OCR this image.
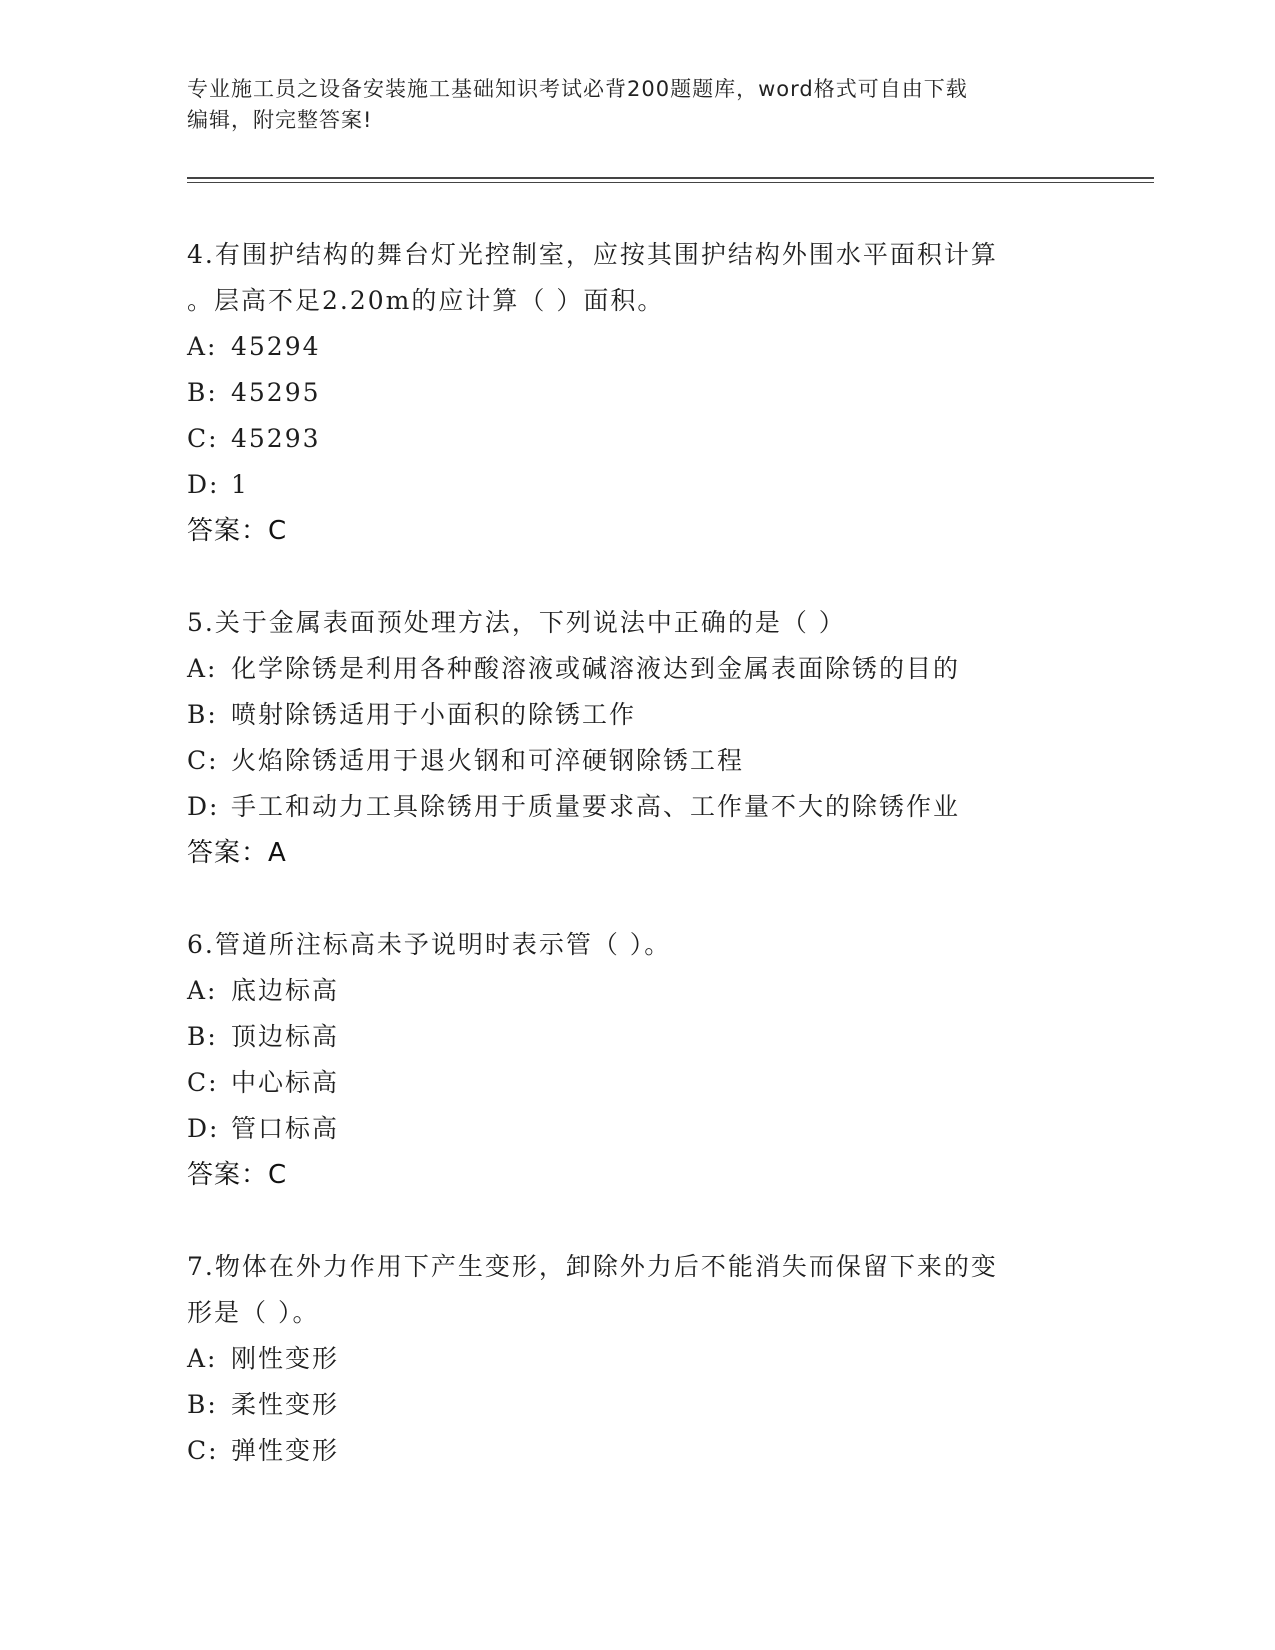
专业施工员之设备安装施工基础知识考试必背200题题库，word格式可自由下载
编辑，附完整答案!
4.有围护结构的舞台灯光控制室，应按其围护结构外围水平面积计算
。层高不足2.20m的应计算（ ）面积。
A: 45294
B: 45295
C: 45293
D: 1
答案：C
5.关于金属表面预处理方法，下列说法中正确的是（ ）
A: 化学除锈是利用各种酸溶液或碱溶液达到金属表面除锈的目的
B: 喷射除锈适用于小面积的除锈工作
C: 火焰除锈适用于退火钢和可淬硬钢除锈工程
D: 手工和动力工具除锈用于质量要求高、工作量不大的除锈作业
答案：A
6.管道所注标高未予说明时表示管（ ）。
A: 底边标高
B: 顶边标高
C: 中心标高
D: 管口标高
答案：C
7.物体在外力作用下产生变形，卸除外力后不能消失而保留下来的变
形是（ ）。
A: 刚性变形
B: 柔性变形
C: 弹性变形
